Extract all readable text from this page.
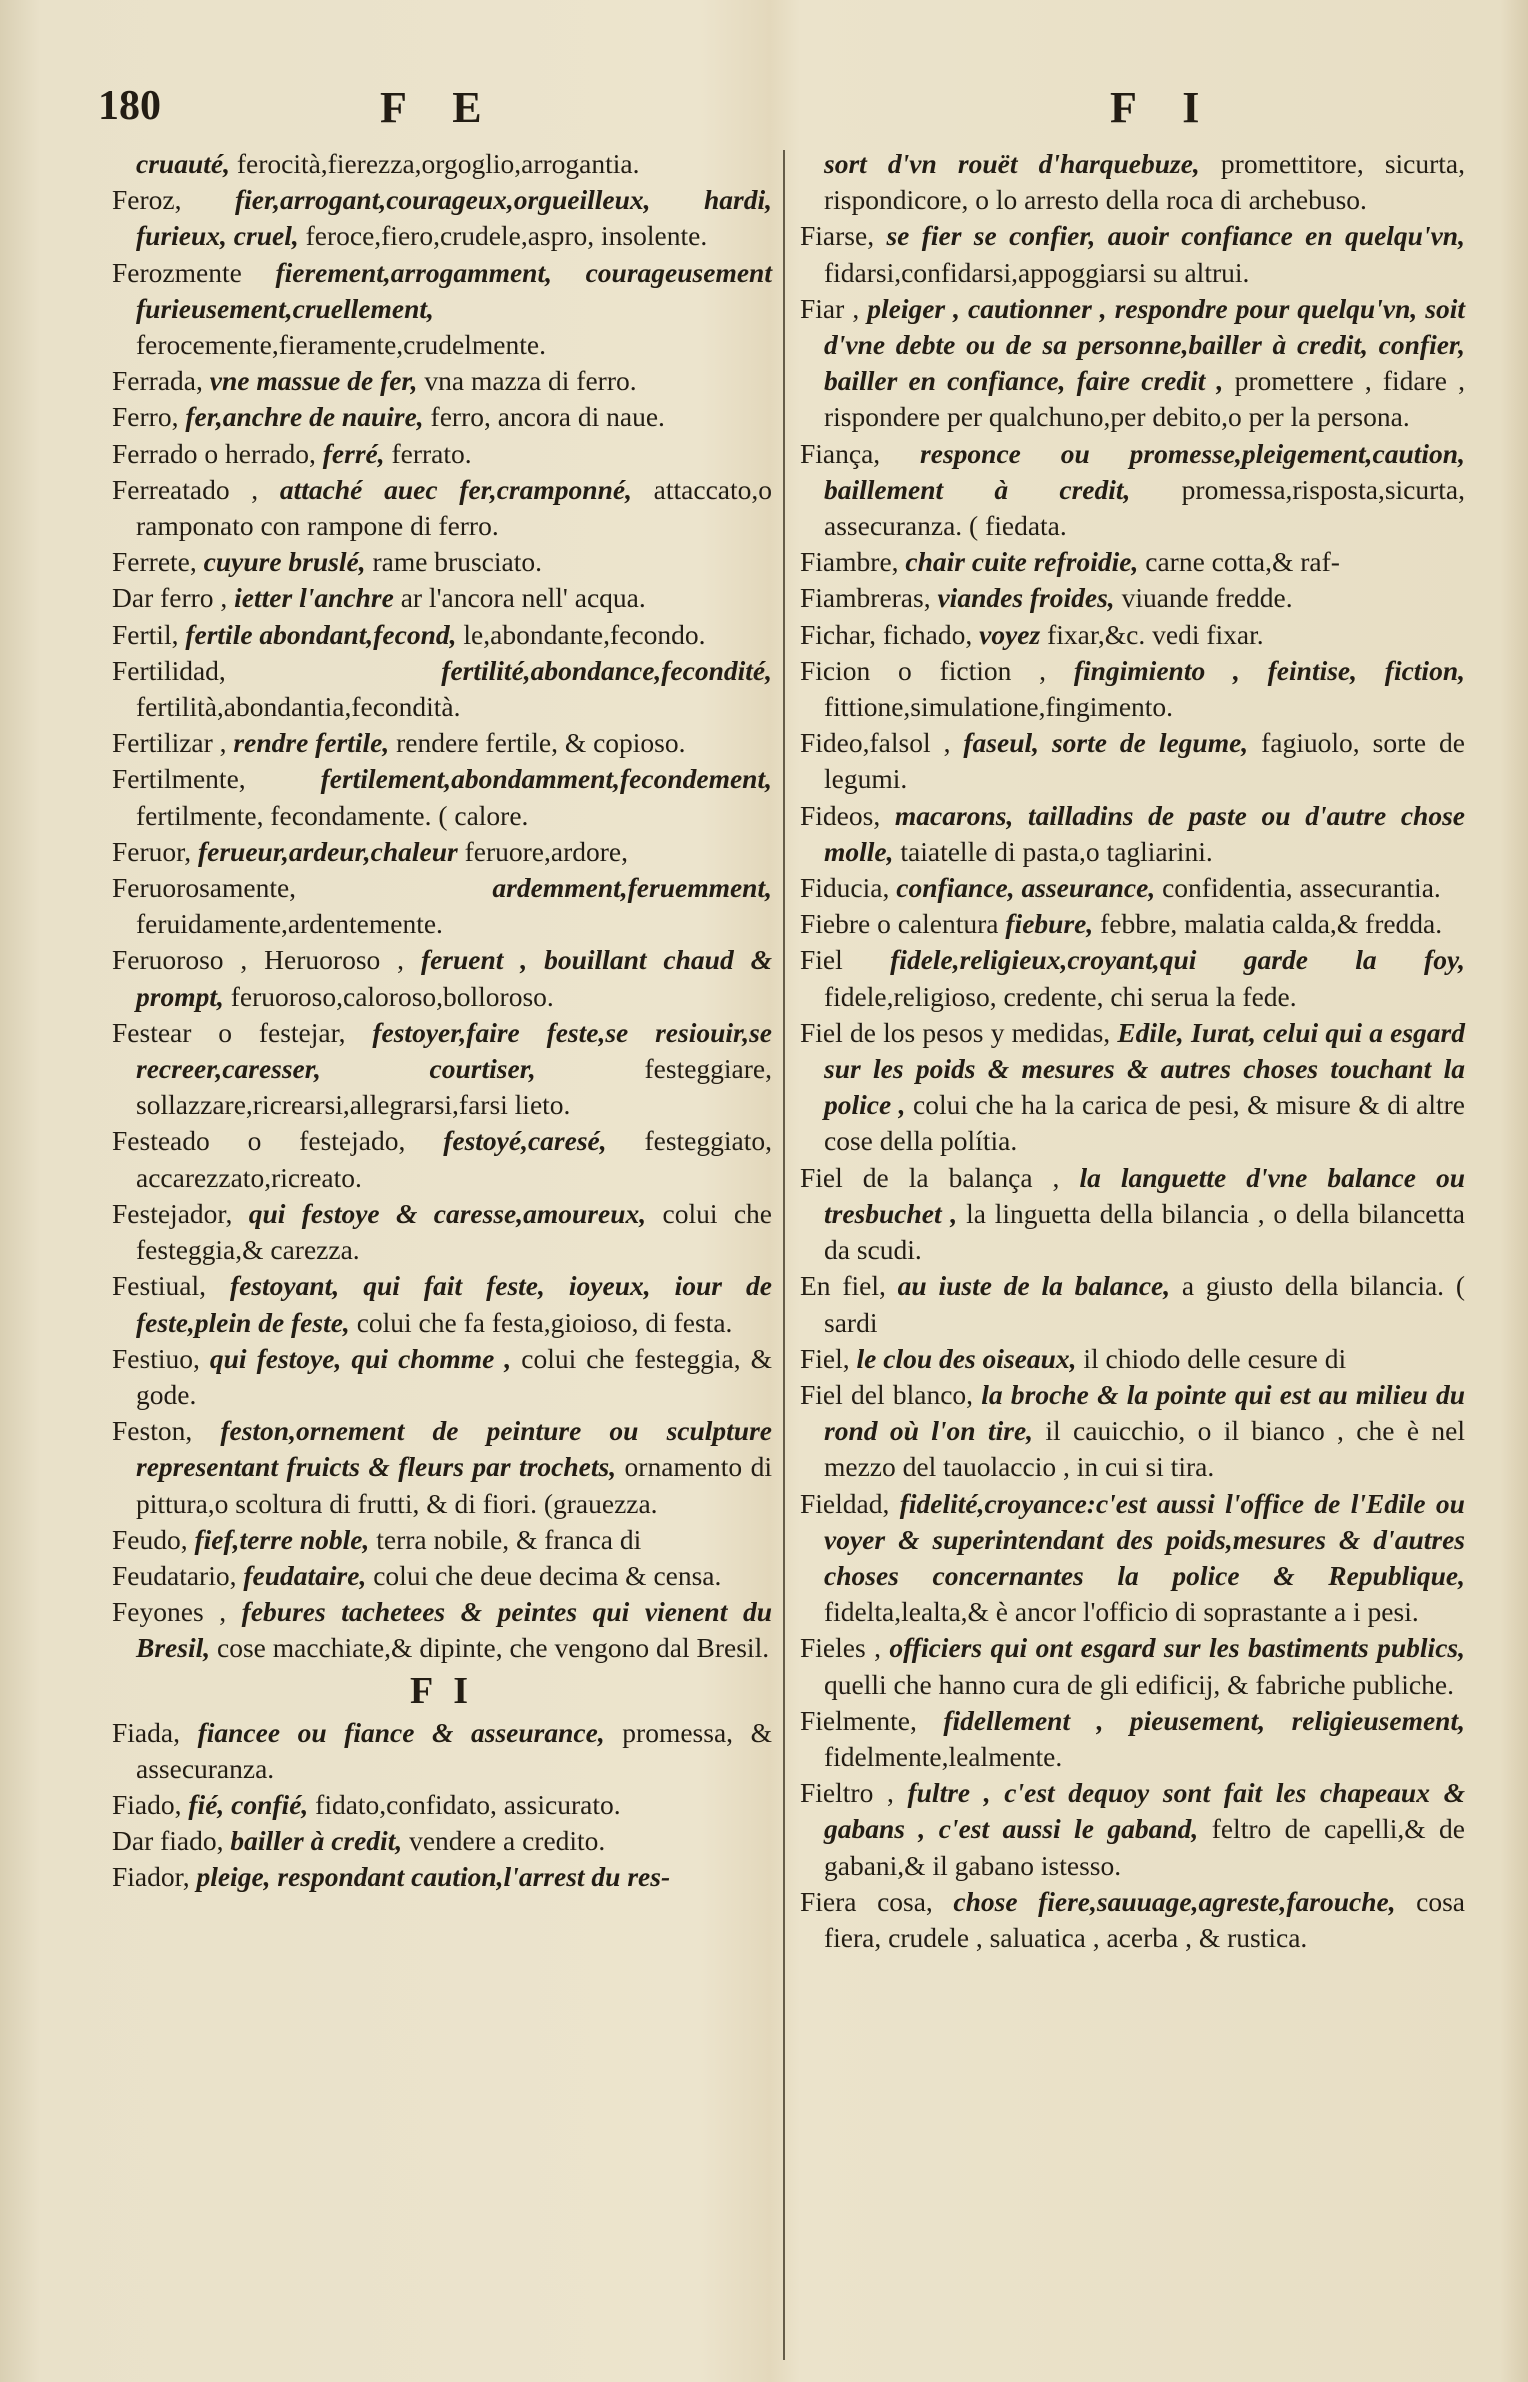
180	F E	F I
cruauté, ferocità,fierezza,orgoglio,arrogantia.
Feroz, fier,arrogant,courageux,orgueilleux, hardi, furieux, cruel, feroce,fiero,crudele,aspro, insolente.
Ferozmente fierement,arrogamment, courageusement furieusement,cruellement, ferocemente,fieramente,crudelmente.
Ferrada, vne massue de fer, vna mazza di ferro.
Ferro, fer,anchre de nauire, ferro, ancora di naue.
Ferrado o herrado, ferré, ferrato.
Ferreatado , attaché auec fer,cramponné, attaccato,o ramponato con rampone di ferro.
Ferrete, cuyure bruslé, rame brusciato.
Dar ferro , ietter l'anchre ar l'ancora nell' acqua.
Fertil, fertile abondant,fecond, le,abondante,fecondo.
Fertilidad, fertilité,abondance,fecondité, fertilità,abondantia,fecondità.
Fertilizar , rendre fertile, rendere fertile, & copioso.
Fertilmente, fertilement,abondamment,fecondement, fertilmente, fecondamente. ( calore.
Feruor, ferueur,ardeur,chaleur feruore,ardore,
Feruorosamente, ardemment,feruemment, feruidamente,ardentemente.
Feruoroso , Heruoroso , feruent , bouillant chaud & prompt, feruoroso,caloroso,bolloroso.
Festear o festejar, festoyer,faire feste,se resiouir,se recreer,caresser, courtiser, festeggiare, sollazzare,ricrearsi,allegrarsi,farsi lieto.
Festeado o festejado, festoyé,caresé, festeggiato, accarezzato,ricreato.
Festejador, qui festoye & caresse,amoureux, colui che festeggia,& carezza.
Festiual, festoyant, qui fait feste, ioyeux, iour de feste,plein de feste, colui che fa festa,gioioso, di festa.
Festiuo, qui festoye, qui chomme , colui che festeggia, & gode.
Feston, feston,ornement de peinture ou sculpture representant fruicts & fleurs par trochets, ornamento di pittura,o scoltura di frutti, & di fiori. (grauezza.
Feudo, fief,terre noble, terra nobile, & franca di
Feudatario, feudataire, colui che deue decima & censa.
Feyones , febures tachetees & peintes qui vienent du Bresil, cose macchiate,& dipinte, che vengono dal Bresil.
F I
Fiada, fiancee ou fiance & asseurance, promessa, & assecuranza.
Fiado, fié, confié, fidato,confidato, assicurato.
Dar fiado, bailler à credit, vendere a credito.
Fiador, pleige, respondant caution,l'arrest du res-
sort d'vn rouët d'harquebuze, promettitore, sicurta, rispondicore, o lo arresto della roca di archebuso.
Fiarse, se fier se confier, auoir confiance en quelqu'vn, fidarsi,confidarsi,appoggiarsi su altrui.
Fiar , pleiger , cautionner , respondre pour quelqu'vn, soit d'vne debte ou de sa personne,bailler à credit, confier, bailler en confiance, faire credit , promettere , fidare , rispondere per qualchuno,per debito,o per la persona.
Fiança, responce ou promesse,pleigement,caution, baillement à credit, promessa,risposta,sicurta, assecuranza. ( fiedata.
Fiambre, chair cuite refroidie, carne cotta,& raf-
Fiambreras, viandes froides, viuande fredde.
Fichar, fichado, voyez fixar,&c. vedi fixar.
Ficion o fiction , fingimiento , feintise, fiction, fittione,simulatione,fingimento.
Fideo,falsol , faseul, sorte de legume, fagiuolo, sorte de legumi.
Fideos, macarons, tailladins de paste ou d'autre chose molle, taiatelle di pasta,o tagliarini.
Fiducia, confiance, asseurance, confidentia, assecurantia.
Fiebre o calentura fiebure, febbre, malatia calda,& fredda.
Fiel fidele,religieux,croyant,qui garde la foy, fidele,religioso, credente, chi serua la fede.
Fiel de los pesos y medidas, Edile, Iurat, celui qui a esgard sur les poids & mesures & autres choses touchant la police , colui che ha la carica de pesi, & misure & di altre cose della polítia.
Fiel de la balança , la languette d'vne balance ou tresbuchet , la linguetta della bilancia , o della bilancetta da scudi.
En fiel, au iuste de la balance, a giusto della bilancia. ( sardi
Fiel, le clou des oiseaux, il chiodo delle cesure di
Fiel del blanco, la broche & la pointe qui est au milieu du rond où l'on tire, il cauicchio, o il bianco , che è nel mezzo del tauolaccio , in cui si tira.
Fieldad, fidelité,croyance:c'est aussi l'office de l'Edile ou voyer & superintendant des poids,mesures & d'autres choses concernantes la police & Republique, fidelta,lealta,& è ancor l'officio di soprastante a i pesi.
Fieles , officiers qui ont esgard sur les bastiments publics, quelli che hanno cura de gli edificij, & fabriche publiche.
Fielmente, fidellement , pieusement, religieusement, fidelmente,lealmente.
Fieltro , fultre , c'est dequoy sont fait les chapeaux & gabans , c'est aussi le gaband, feltro de capelli,& de gabani,& il gabano istesso.
Fiera cosa, chose fiere,sauuage,agreste,farouche, cosa fiera, crudele , saluatica , acerba , & rustica.
